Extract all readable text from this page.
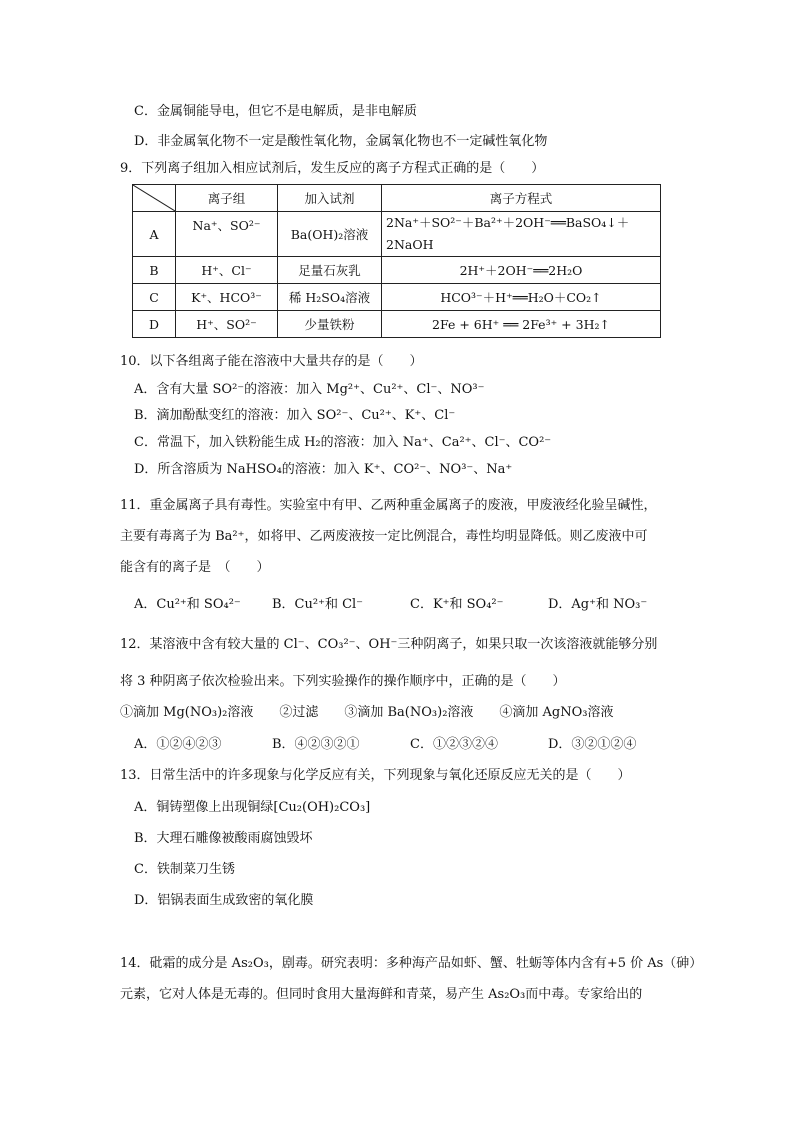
C．金属铜能导电，但它不是电解质，是非电解质
D．非金属氧化物不一定是酸性氧化物，金属氧化物也不一定碱性氧化物
9．下列离子组加入相应试剂后，发生反应的离子方程式正确的是（　　）
	离子组	加入试剂	离子方程式
A	Na⁺、SO²⁻	Ba(OH)₂溶液	2Na⁺＋SO²⁻＋Ba²⁺＋2OH⁻══BaSO₄↓＋
2NaOH

B	H⁺、Cl⁻	足量石灰乳	2H⁺＋2OH⁻══2H₂O
C	K⁺、HCO³⁻	稀 H₂SO₄溶液	HCO³⁻＋H⁺══H₂O＋CO₂↑
D	H⁺、SO²⁻	少量铁粉	2Fe + 6H⁺ ══ 2Fe³⁺ + 3H₂↑
10．以下各组离子能在溶液中大量共存的是（　　）
A．含有大量 SO²⁻的溶液：加入 Mg²⁺、Cu²⁺、Cl⁻、NO³⁻
B．滴加酚酞变红的溶液：加入 SO²⁻、Cu²⁺、K⁺、Cl⁻
C．常温下，加入铁粉能生成 H₂的溶液：加入 Na⁺、Ca²⁺、Cl⁻、CO²⁻
D．所含溶质为 NaHSO₄的溶液：加入 K⁺、CO²⁻、NO³⁻、Na⁺
11．重金属离子具有毒性。实验室中有甲、乙两种重金属离子的废液，甲废液经化验呈碱性，
主要有毒离子为 Ba²⁺，如将甲、乙两废液按一定比例混合，毒性均明显降低。则乙废液中可
能含有的离子是　（　　）
A．Cu²⁺和 SO₄²⁻ B．Cu²⁺和 Cl⁻	C．K⁺和 SO₄²⁻	D．Ag⁺和 NO₃⁻
12．某溶液中含有较大量的 Cl⁻、CO₃²⁻、OH⁻三种阴离子，如果只取一次该溶液就能够分别
将 3 种阴离子依次检验出来。下列实验操作的操作顺序中，正确的是（　　）
①滴加 Mg(NO₃)₂溶液　　②过滤　　③滴加 Ba(NO₃)₂溶液　　④滴加 AgNO₃溶液
A．①②④②③	B．④②③②①	C．①②③②④	D．③②①②④
13．日常生活中的许多现象与化学反应有关，下列现象与氧化还原反应无关的是（　　）
A．铜铸塑像上出现铜绿[Cu₂(OH)₂CO₃]
B．大理石雕像被酸雨腐蚀毁坏
C．铁制菜刀生锈
D．铝锅表面生成致密的氧化膜
14．砒霜的成分是 As₂O₃，剧毒。研究表明：多种海产品如虾、蟹、牡蛎等体内含有+5 价 As（砷）
元素，它对人体是无毒的。但同时食用大量海鲜和青菜，易产生 As₂O₃而中毒。专家给出的
